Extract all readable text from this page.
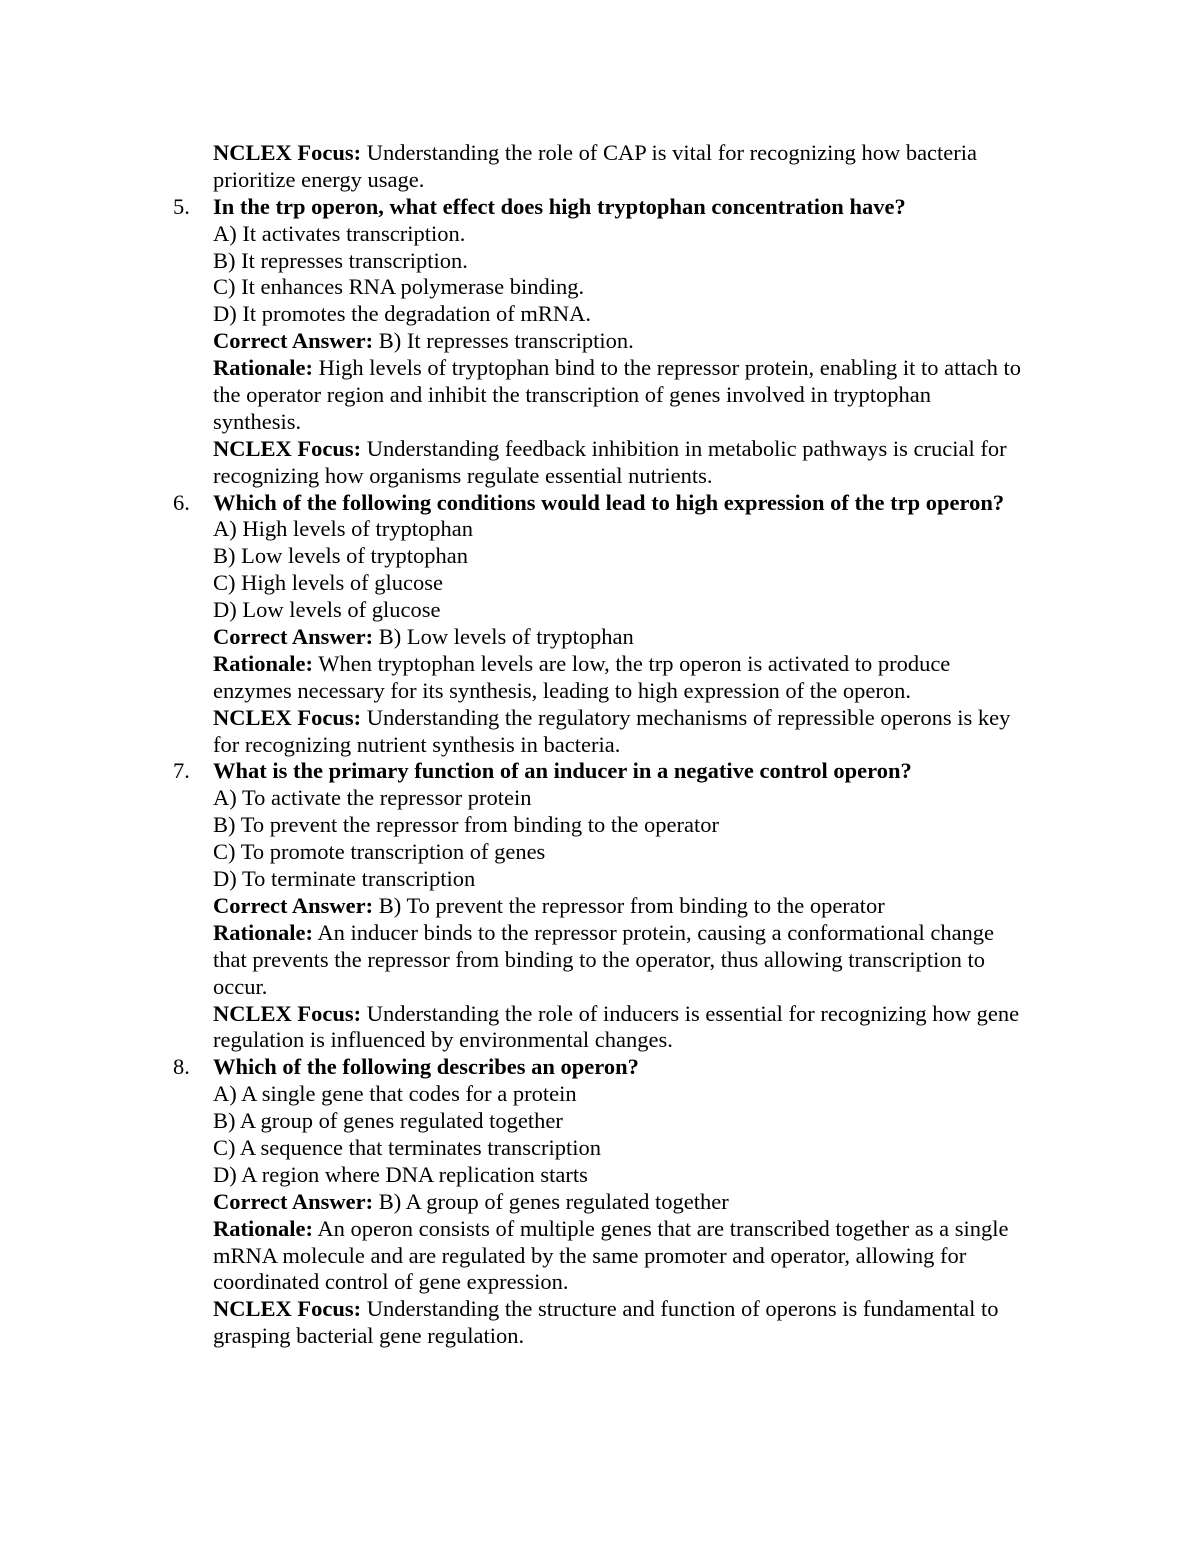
NCLEX Focus: Understanding the role of CAP is vital for recognizing how bacteria
prioritize energy usage.
5. In the trp operon, what effect does high tryptophan concentration have?
A) It activates transcription.
B) It represses transcription.
C) It enhances RNA polymerase binding.
D) It promotes the degradation of mRNA.
Correct Answer: B) It represses transcription.
Rationale: High levels of tryptophan bind to the repressor protein, enabling it to attach to
the operator region and inhibit the transcription of genes involved in tryptophan
synthesis.
NCLEX Focus: Understanding feedback inhibition in metabolic pathways is crucial for
recognizing how organisms regulate essential nutrients.
6. Which of the following conditions would lead to high expression of the trp operon?
A) High levels of tryptophan
B) Low levels of tryptophan
C) High levels of glucose
D) Low levels of glucose
Correct Answer: B) Low levels of tryptophan
Rationale: When tryptophan levels are low, the trp operon is activated to produce
enzymes necessary for its synthesis, leading to high expression of the operon.
NCLEX Focus: Understanding the regulatory mechanisms of repressible operons is key
for recognizing nutrient synthesis in bacteria.
7. What is the primary function of an inducer in a negative control operon?
A) To activate the repressor protein
B) To prevent the repressor from binding to the operator
C) To promote transcription of genes
D) To terminate transcription
Correct Answer: B) To prevent the repressor from binding to the operator
Rationale: An inducer binds to the repressor protein, causing a conformational change
that prevents the repressor from binding to the operator, thus allowing transcription to
occur.
NCLEX Focus: Understanding the role of inducers is essential for recognizing how gene
regulation is influenced by environmental changes.
8. Which of the following describes an operon?
A) A single gene that codes for a protein
B) A group of genes regulated together
C) A sequence that terminates transcription
D) A region where DNA replication starts
Correct Answer: B) A group of genes regulated together
Rationale: An operon consists of multiple genes that are transcribed together as a single
mRNA molecule and are regulated by the same promoter and operator, allowing for
coordinated control of gene expression.
NCLEX Focus: Understanding the structure and function of operons is fundamental to
grasping bacterial gene regulation.
